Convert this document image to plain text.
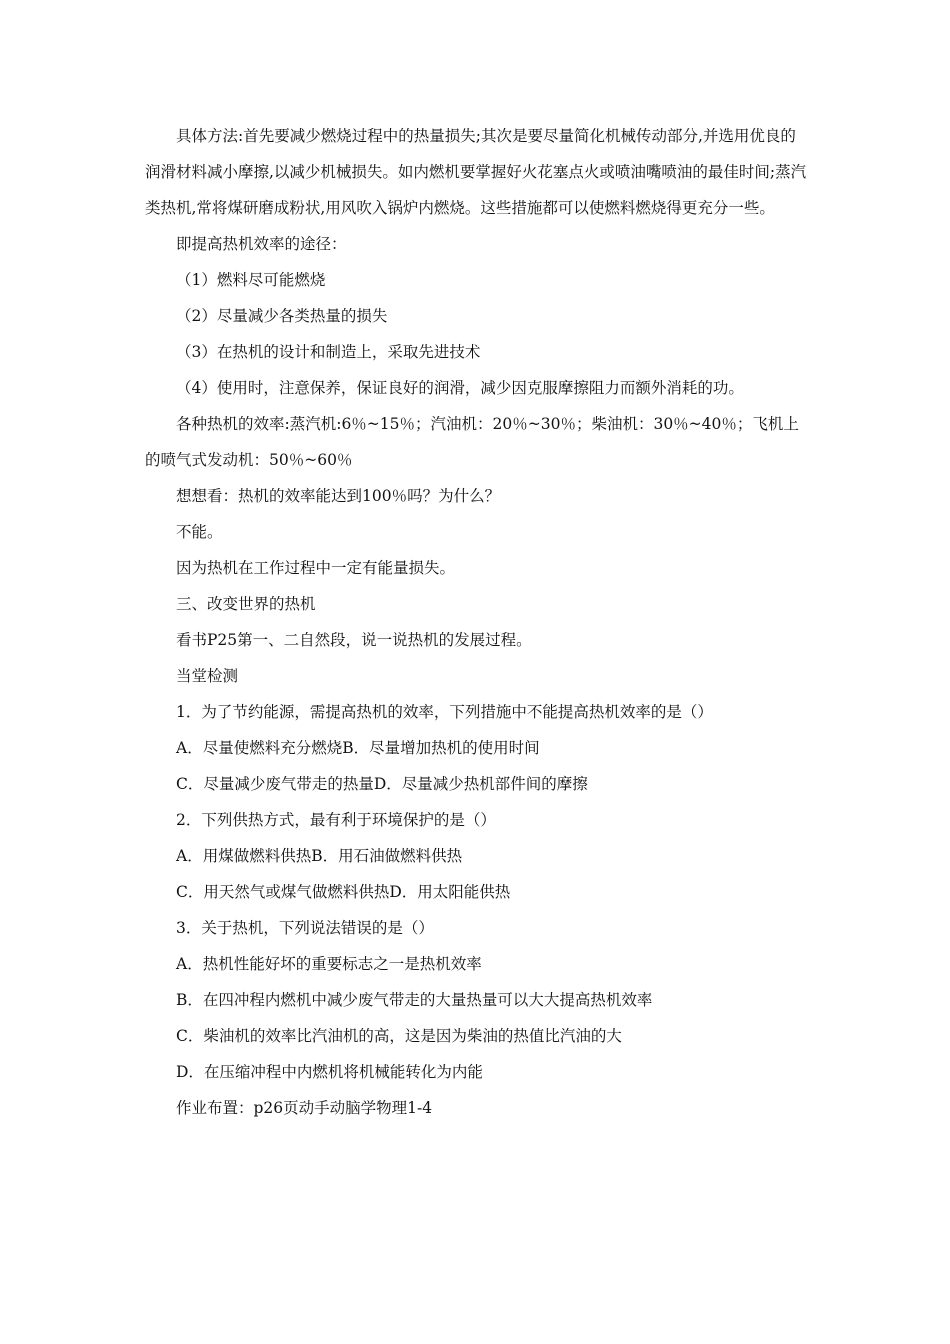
具体方法:首先要减少燃烧过程中的热量损失;其次是要尽量简化机械传动部分,并选用优良的润滑材料减小摩擦,以减少机械损失。如内燃机要掌握好火花塞点火或喷油嘴喷油的最佳时间;蒸汽类热机,常将煤研磨成粉状,用风吹入锅炉内燃烧。这些措施都可以使燃料燃烧得更充分一些。

即提高热机效率的途径：

（1）燃料尽可能燃烧

（2）尽量减少各类热量的损失

（3）在热机的设计和制造上，采取先进技术

（4）使用时，注意保养，保证良好的润滑，减少因克服摩擦阻力而额外消耗的功。

各种热机的效率:蒸汽机:6％~15％；汽油机：20％~30％；柴油机：30％~40％；飞机上的喷气式发动机：50％~60％

想想看：热机的效率能达到100％吗？为什么？

不能。

因为热机在工作过程中一定有能量损失。

三、改变世界的热机

看书P25第一、二自然段，说一说热机的发展过程。

当堂检测

1．为了节约能源，需提高热机的效率，下列措施中不能提高热机效率的是（）

A．尽量使燃料充分燃烧B．尽量增加热机的使用时间

C．尽量减少废气带走的热量D．尽量减少热机部件间的摩擦

2．下列供热方式，最有利于环境保护的是（）

A．用煤做燃料供热B．用石油做燃料供热

C．用天然气或煤气做燃料供热D．用太阳能供热

3．关于热机，下列说法错误的是（）

A．热机性能好坏的重要标志之一是热机效率

B．在四冲程内燃机中减少废气带走的大量热量可以大大提高热机效率

C．柴油机的效率比汽油机的高，这是因为柴油的热值比汽油的大

D．在压缩冲程中内燃机将机械能转化为内能

作业布置：p26页动手动脑学物理1-4
